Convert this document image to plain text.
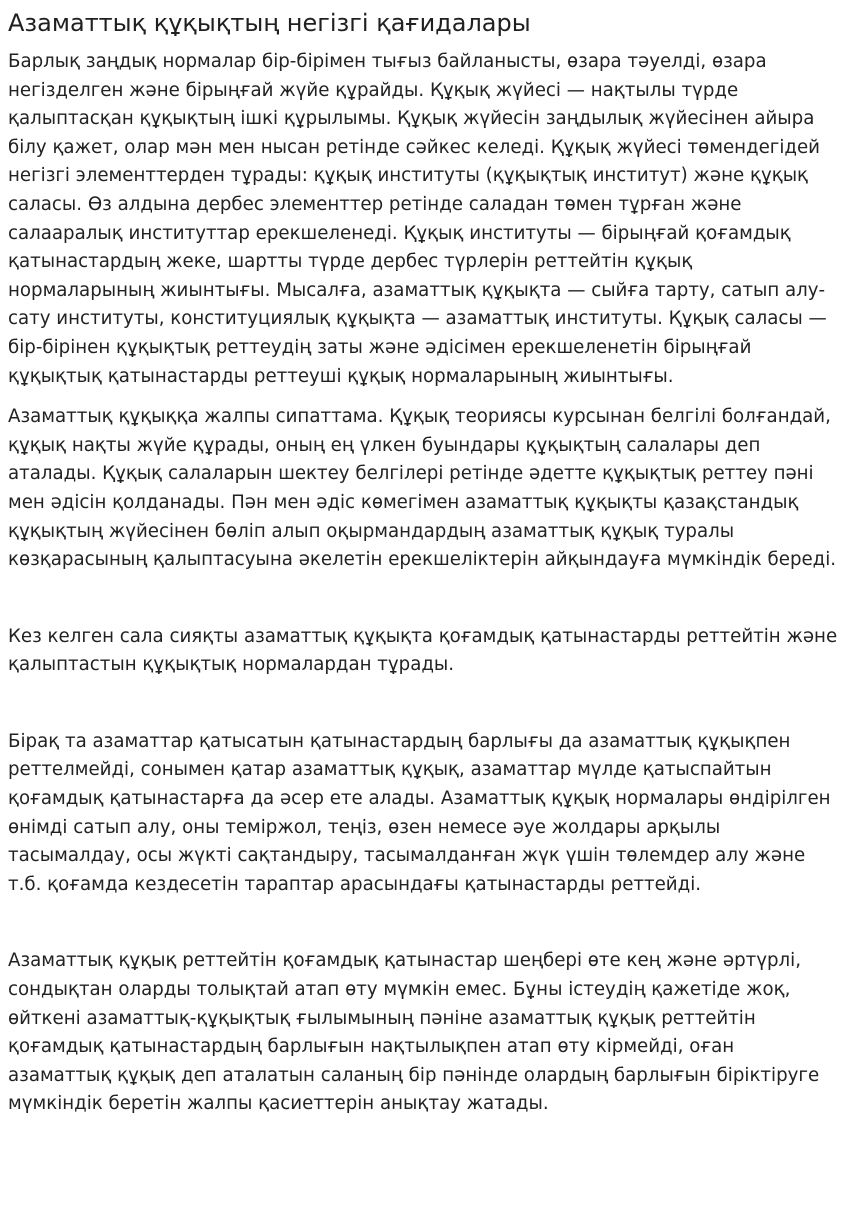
Азаматтық құқықтың негізгі қағидалары

Барлық заңдық нормалар бір-бірімен тығыз байланысты, өзара тәуелді, өзара негізделген және бірыңғай жүйе құрайды. Құқық жүйесі — нақтылы түрде қалыптасқан құқықтың ішкі құрылымы. Құқық жүйесін заңдылық жүйесінен айыра білу қажет, олар мән мен нысан ретінде сәйкес келеді. Құқық жүйесі төмендегідей негізгі элементтерден тұрады: құқық институты (құқықтық институт) және құқық саласы. Өз алдына дербес элементтер ретінде саладан төмен тұрған және салааралық институттар ерекшеленеді. Құқық институты — бірыңғай қоғамдық қатынастардың жеке, шартты түрде дербес түрлерін реттейтін құқық нормаларының жиынтығы. Мысалға, азаматтық құқықта — сыйға тарту, сатып алу-сату институты, конституциялық құқықта — азаматтық институты. Құқық саласы — бір-бірінен құқықтық реттеудің заты және әдісімен ерекшеленетін бірыңғай құқықтық қатынастарды реттеуші құқық нормаларының жиынтығы.

Азаматтық құқыққа жалпы сипаттама. Құқық теориясы курсынан белгілі болғандай, құқық нақты жүйе құрады, оның ең үлкен буындары құқықтың салалары деп аталады. Құқық салаларын шектеу белгілері ретінде әдетте құқықтық реттеу пәні мен әдісін қолданады. Пән мен әдіс көмегімен азаматтық құқықты қазақстандық құқықтың жүйесінен бөліп алып оқырмандардың азаматтық құқық туралы көзқарасының қалыптасуына әкелетін ерекшеліктерін айқындауға мүмкіндік береді.

Кез келген сала сияқты азаматтық құқықта қоғамдық қатынастарды реттейтін және қалыптастын құқықтық нормалардан тұрады.

Бірақ та азаматтар қатысатын қатынастардың барлығы да азаматтық құқықпен реттелмейді, сонымен қатар азаматтық құқық, азаматтар мүлде қатыспайтын қоғамдық қатынастарға да әсер ете алады. Азаматтық құқық нормалары өндірілген өнімді сатып алу, оны теміржол, теңіз, өзен немесе әуе жолдары арқылы тасымалдау, осы жүкті сақтандыру, тасымалданған жүк үшін төлемдер алу және т.б. қоғамда кездесетін тараптар арасындағы қатынастарды реттейді.

Азаматтық құқық реттейтін қоғамдық қатынастар шеңбері өте кең және әртүрлі, сондықтан оларды толықтай атап өту мүмкін емес. Бұны істеудің қажетіде жоқ, өйткені азаматтық-құқықтық ғылымының пәніне азаматтық құқық реттейтін қоғамдық қатынастардың барлығын нақтылықпен атап өту кірмейді, оған азаматтық құқық деп аталатын саланың бір пәнінде олардың барлығын біріктіруге мүмкіндік беретін жалпы қасиеттерін анықтау жатады.
